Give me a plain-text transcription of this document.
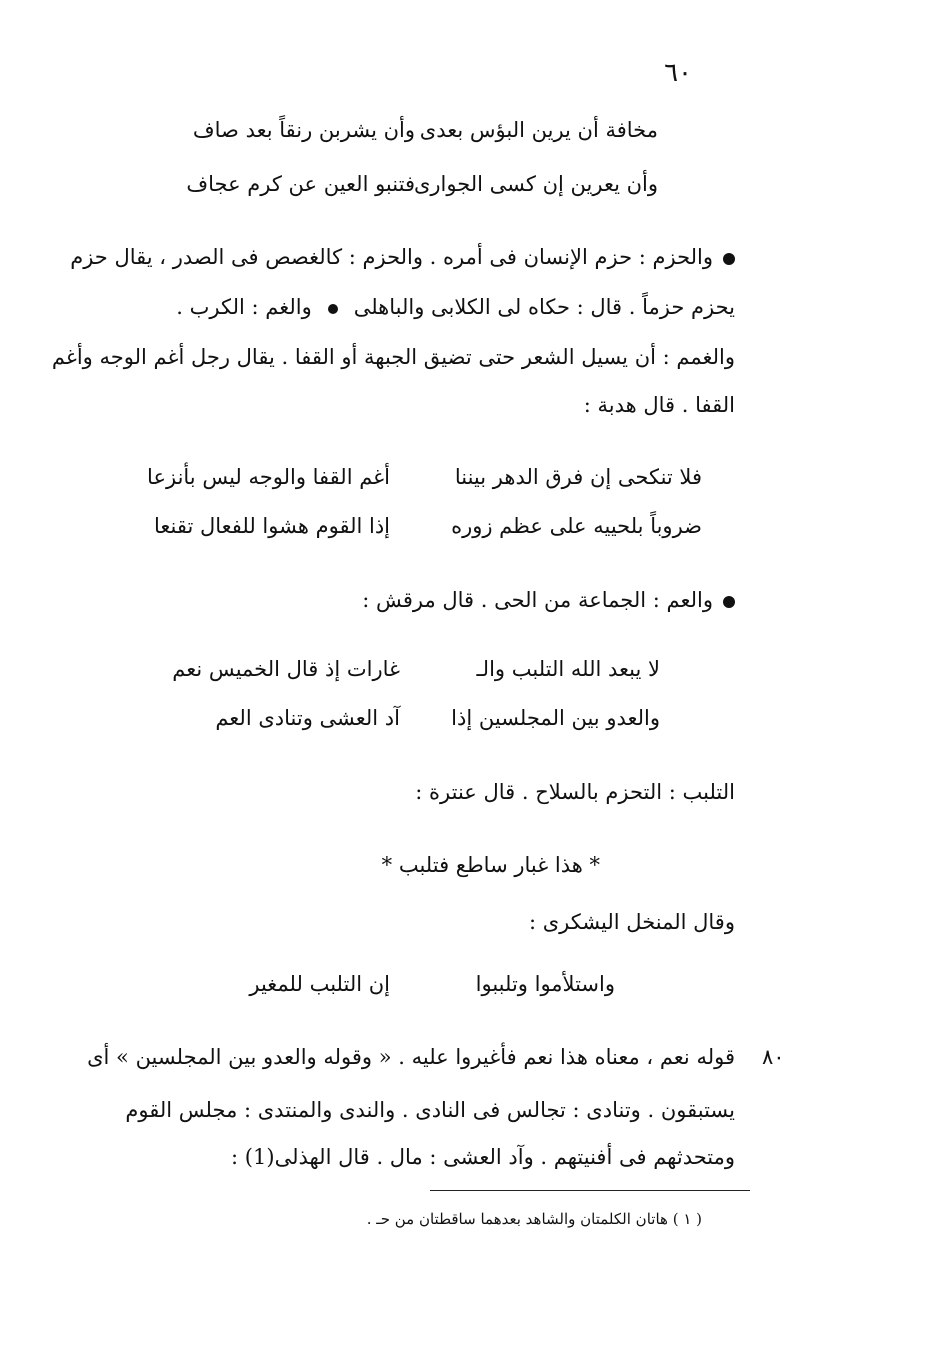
٦٠
مخافة أن يرين البؤس بعدى
وأن يشربن رنقاً بعد صاف
وأن يعرين إن كسى الجوارى
فتنبو العين عن كرم عجاف
والحزم : حزم الإنسان فى أمره . والحزم : كالغصص فى الصدر ، يقال حزم
يحزم حزماً . قال : حكاه لى الكلابى والباهلىوالغم : الكرب .
والغمم : أن يسيل الشعر حتى تضيق الجبهة أو القفا . يقال رجل أغم الوجه وأغم
القفا . قال هدبة :
فلا تنكحى إن فرق الدهر بيننا
أغم القفا والوجه ليس بأنزعا
ضروباً بلحييه على عظم زوره
إذا القوم هشوا للفعال تقنعا
والعم : الجماعة من الحى . قال مرقش :
لا يبعد الله التلبب والـ
غارات إذ قال الخميس نعم
والعدو بين المجلسين إذا
آد العشى وتنادى العم
التلبب : التحزم بالسلاح . قال عنترة :
* هذا غبار ساطع فتلبب *
وقال المنخل اليشكرى :
واستلأموا وتلببوا
إن التلبب للمغير
٨٠
قوله نعم ، معناه هذا نعم فأغيروا عليه . « وقوله والعدو بين المجلسين » أى
يستبقون . وتنادى : تجالس فى النادى . والندى والمنتدى : مجلس القوم
ومتحدثهم فى أفنيتهم . وآد العشى : مال . قال الهذلى(1) :
( ١ ) هاتان الكلمتان والشاهد بعدهما ساقطتان من حـ .
